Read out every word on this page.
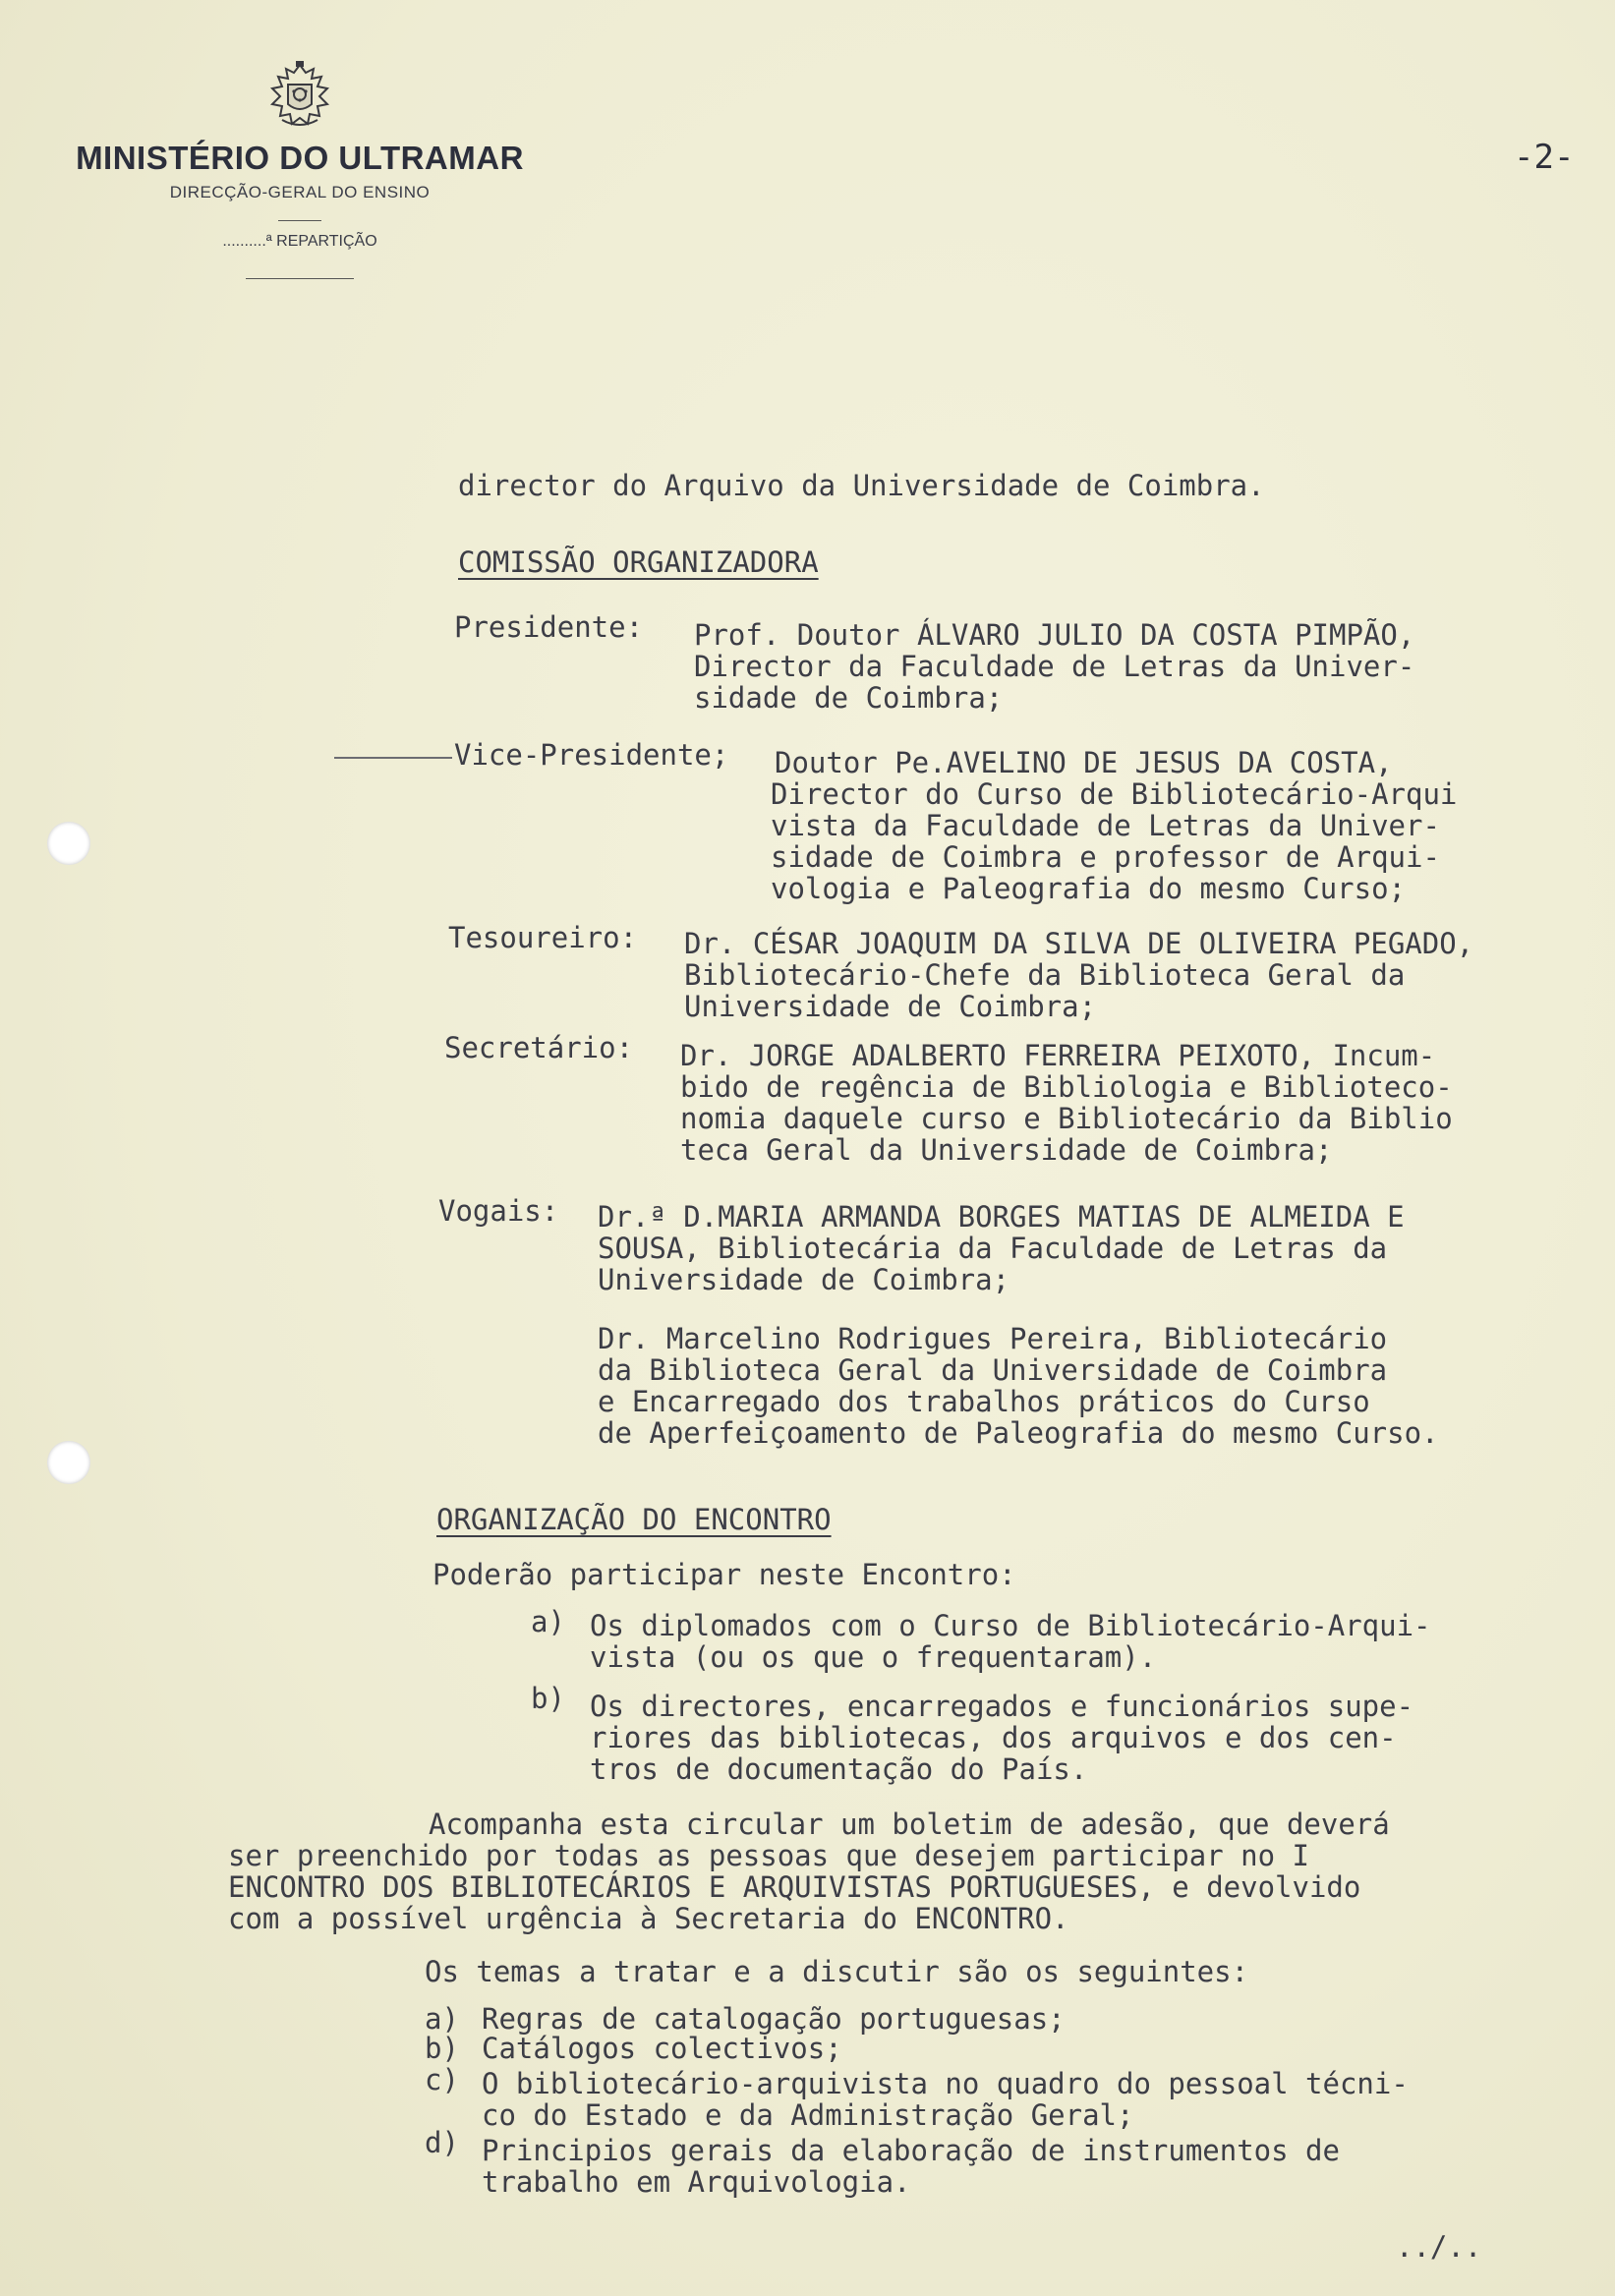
MINISTÉRIO DO ULTRAMAR
DIRECÇÃO-GERAL DO ENSINO
..........ª REPARTIÇÃO
-2-
director do Arquivo da Universidade de Coimbra.
COMISSÃO ORGANIZADORA
Presidente: Prof. Doutor ÁLVARO JULIO DA COSTA PIMPÃO,
Director da Faculdade de Letras da Univer-
sidade de Coimbra;
Vice-Presidente; Doutor Pe.AVELINO DE JESUS DA COSTA,
Director do Curso de Bibliotecário-Arqui
vista da Faculdade de Letras da Univer-
sidade de Coimbra e professor de Arqui-
vologia e Paleografia do mesmo Curso;
Tesoureiro: Dr. CÉSAR JOAQUIM DA SILVA DE OLIVEIRA PEGADO,
Bibliotecário-Chefe da Biblioteca Geral da
Universidade de Coimbra;
Secretário: Dr. JORGE ADALBERTO FERREIRA PEIXOTO, Incum-
bido de regência de Bibliologia e Biblioteco-
nomia daquele curso e Bibliotecário da Biblio
teca Geral da Universidade de Coimbra;
Vogais: Dr.ª D.MARIA ARMANDA BORGES MATIAS DE ALMEIDA E
SOUSA, Bibliotecária da Faculdade de Letras da
Universidade de Coimbra;
Dr. Marcelino Rodrigues Pereira, Bibliotecário
da Biblioteca Geral da Universidade de Coimbra
e Encarregado dos trabalhos práticos do Curso
de Aperfeiçoamento de Paleografia do mesmo Curso.
ORGANIZAÇÃO DO ENCONTRO
Poderão participar neste Encontro:
a) Os diplomados com o Curso de Bibliotecário-Arqui-
vista (ou os que o frequentaram).
b) Os directores, encarregados e funcionários supe-
riores das bibliotecas, dos arquivos e dos cen-
tros de documentação do País.
Acompanha esta circular um boletim de adesão, que deverá
ser preenchido por todas as pessoas que desejem participar no I
ENCONTRO DOS BIBLIOTECÁRIOS E ARQUIVISTAS PORTUGUESES, e devolvido
com a possível urgência à Secretaria do ENCONTRO.
Os temas a tratar e a discutir são os seguintes:
a) Regras de catalogação portuguesas;
b) Catálogos colectivos;
c) O bibliotecário-arquivista no quadro do pessoal técni-
co do Estado e da Administração Geral;
d) Principios gerais da elaboração de instrumentos de
trabalho em Arquivologia.
../..
